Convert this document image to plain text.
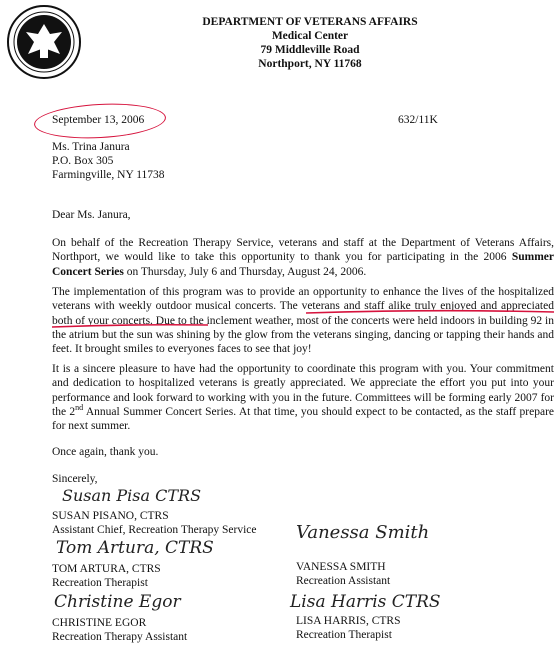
DEPARTMENT OF VETERANS AFFAIRS
Medical Center
79 Middleville Road
Northport, NY 11768
September 13, 2006	632/11K
Ms. Trina Janura
P.O. Box 305
Farmingville, NY 11738
Dear Ms. Janura,
On behalf of the Recreation Therapy Service, veterans and staff at the Department of Veterans Affairs, Northport, we would like to take this opportunity to thank you for participating in the 2006 Summer Concert Series on Thursday, July 6 and Thursday, August 24, 2006.
The implementation of this program was to provide an opportunity to enhance the lives of the hospitalized veterans with weekly outdoor musical concerts. The veterans and staff alike truly enjoyed and appreciated both of your concerts. Due to the inclement weather, most of the concerts were held indoors in building 92 in the atrium but the sun was shining by the glow from the veterans singing, dancing or tapping their hands and feet. It brought smiles to everyones faces to see that joy!
It is a sincere pleasure to have had the opportunity to coordinate this program with you. Your commitment and dedication to hospitalized veterans is greatly appreciated. We appreciate the effort you put into your performance and look forward to working with you in the future. Committees will be forming early 2007 for the 2nd Annual Summer Concert Series. At that time, you should expect to be contacted, as the staff prepare for next summer.
Once again, thank you.
Sincerely,
Susan Pisa CTRS
SUSAN PISANO, CTRS
Assistant Chief, Recreation Therapy Service
Tom Artura, CTRS
TOM ARTURA, CTRS
Recreation Therapist
Christine Egor
CHRISTINE EGOR
Recreation Therapy Assistant
Vanessa Smith
VANESSA SMITH
Recreation Assistant
Lisa Harris CTRS
LISA HARRIS, CTRS
Recreation Therapist
